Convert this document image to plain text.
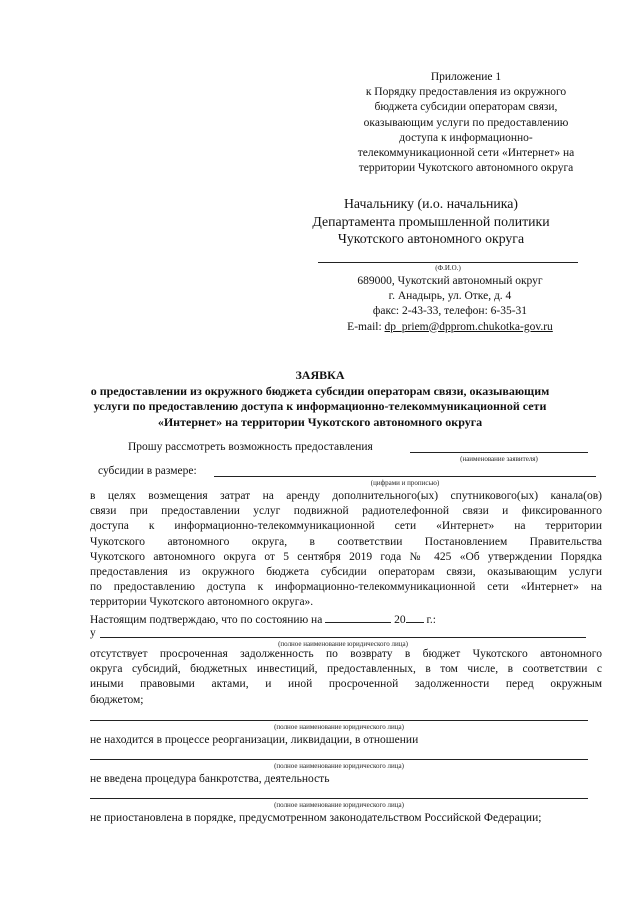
Приложение 1
к Порядку предоставления из окружного
бюджета субсидии операторам связи,
оказывающим услуги по предоставлению
доступа к информационно-
телекоммуникационной сети «Интернет» на
территории Чукотского автономного округа
Начальнику (и.о. начальника)
Департамента промышленной политики
Чукотского автономного округа
(Ф.И.О.)
689000, Чукотский автономный округ
г. Анадырь, ул. Отке, д. 4
факс: 2-43-33, телефон: 6-35-31
E-mail: dp_priem@dpprom.chukotka-gov.ru
ЗАЯВКА
о предоставлении из окружного бюджета субсидии операторам связи, оказывающим
услуги по предоставлению доступа к информационно-телекоммуникационной сети
«Интернет» на территории Чукотского автономного округа
Прошу рассмотреть возможность предоставления
(наименование заявителя)
субсидии в размере:
(цифрами и прописью)
в целях возмещения затрат на аренду дополнительного(ых) спутникового(ых) канала(ов)
связи при предоставлении услуг подвижной радиотелефонной связи и фиксированного
доступа к информационно-телекоммуникационной сети «Интернет» на территории
Чукотского автономного округа, в соответствии Постановлением Правительства
Чукотского автономного округа от 5 сентября 2019 года № 425 «Об утверждении Порядка
предоставления из окружного бюджета субсидии операторам связи, оказывающим услуги
по предоставлению доступа к информационно-телекоммуникационной сети «Интернет» на
территории Чукотского автономного округа».
Настоящим подтверждаю, что по состоянию на	20 г.:
у
(полное наименование юридического лица)
отсутствует просроченная задолженность по возврату в бюджет Чукотского автономного
округа субсидий, бюджетных инвестиций, предоставленных, в том числе, в соответствии с
иными правовыми актами, и иной просроченной задолженности перед окружным
бюджетом;
(полное наименование юридического лица)
не находится в процессе реорганизации, ликвидации, в отношении
(полное наименование юридического лица)
не введена процедура банкротства, деятельность
(полное наименование юридического лица)
не приостановлена в порядке, предусмотренном законодательством Российской Федерации;
